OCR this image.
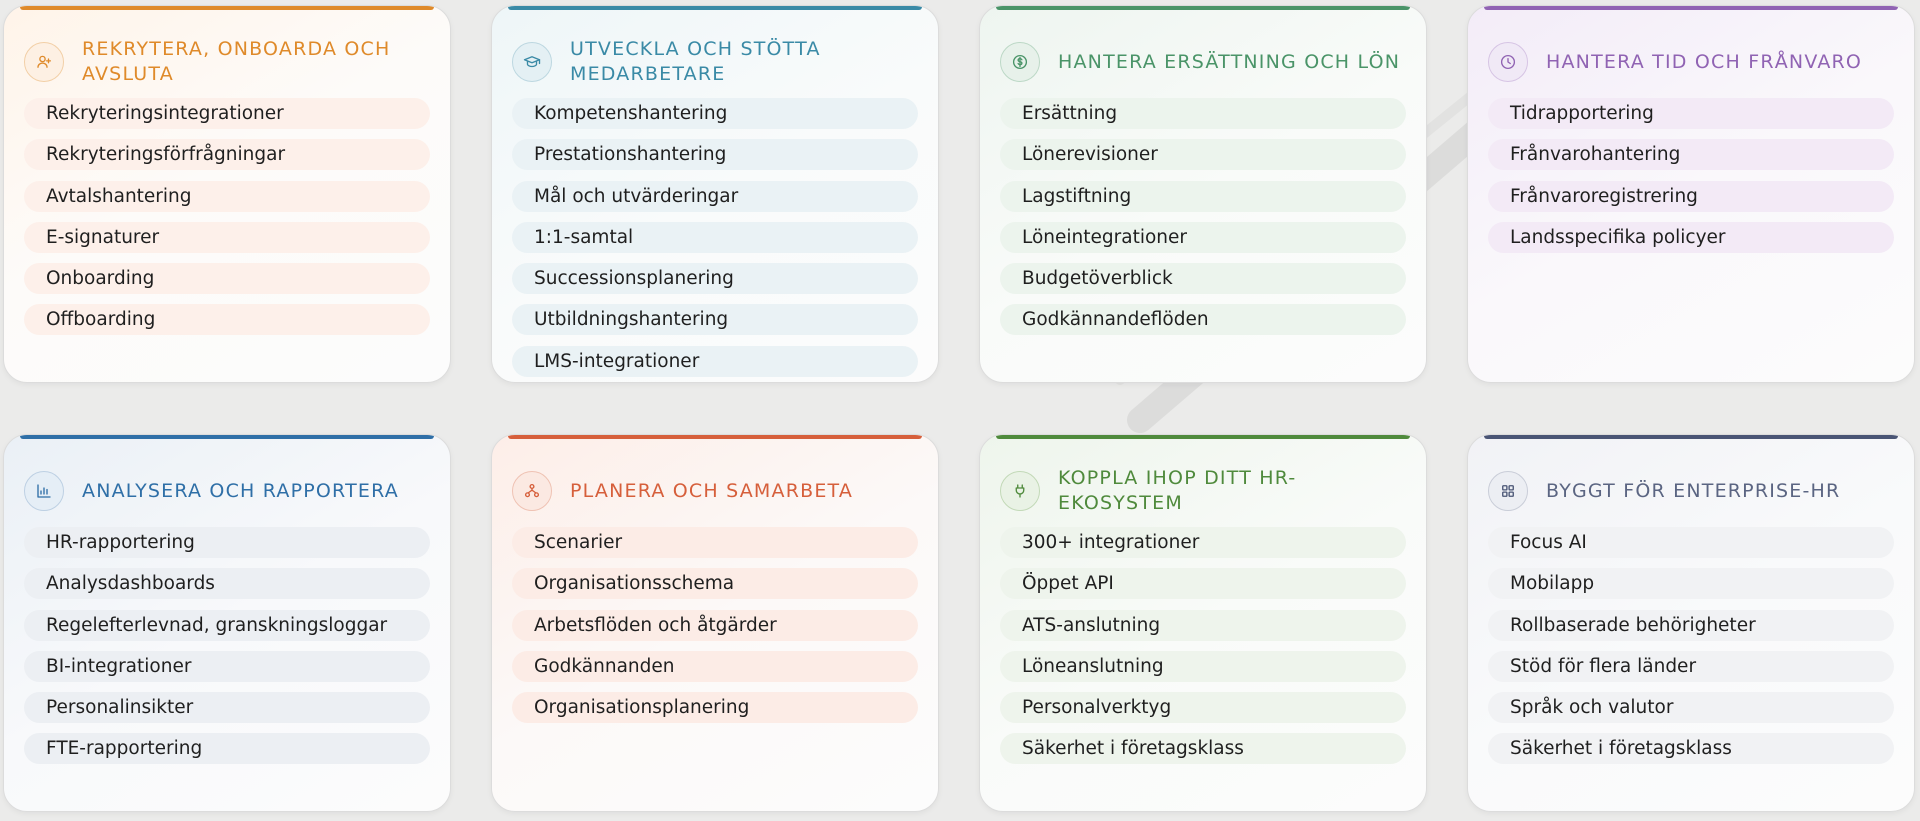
REKRYTERA, ONBOARDA OCH AVSLUTA
Rekryteringsintegrationer
Rekryteringsförfrågningar
Avtalshantering
E-signaturer
Onboarding
Offboarding
UTVECKLA OCH STÖTTA MEDARBETARE
Kompetenshantering
Prestationshantering
Mål och utvärderingar
1:1-samtal
Successionsplanering
Utbildningshantering
LMS-integrationer
HANTERA ERSÄTTNING OCH LÖN
Ersättning
Lönerevisioner
Lagstiftning
Löneintegrationer
Budgetöverblick
Godkännandeflöden
HANTERA TID OCH FRÅNVARO
Tidrapportering
Frånvarohantering
Frånvaroregistrering
Landsspecifika policyer
ANALYSERA OCH RAPPORTERA
HR-rapportering
Analysdashboards
Regelefterlevnad, granskningsloggar
BI-integrationer
Personalinsikter
FTE-rapportering
PLANERA OCH SAMARBETA
Scenarier
Organisationsschema
Arbetsflöden och åtgärder
Godkännanden
Organisationsplanering
KOPPLA IHOP DITT HR-EKOSYSTEM
300+ integrationer
Öppet API
ATS-anslutning
Löneanslutning
Personalverktyg
Säkerhet i företagsklass
BYGGT FÖR ENTERPRISE-HR
Focus AI
Mobilapp
Rollbaserade behörigheter
Stöd för flera länder
Språk och valutor
Säkerhet i företagsklass
